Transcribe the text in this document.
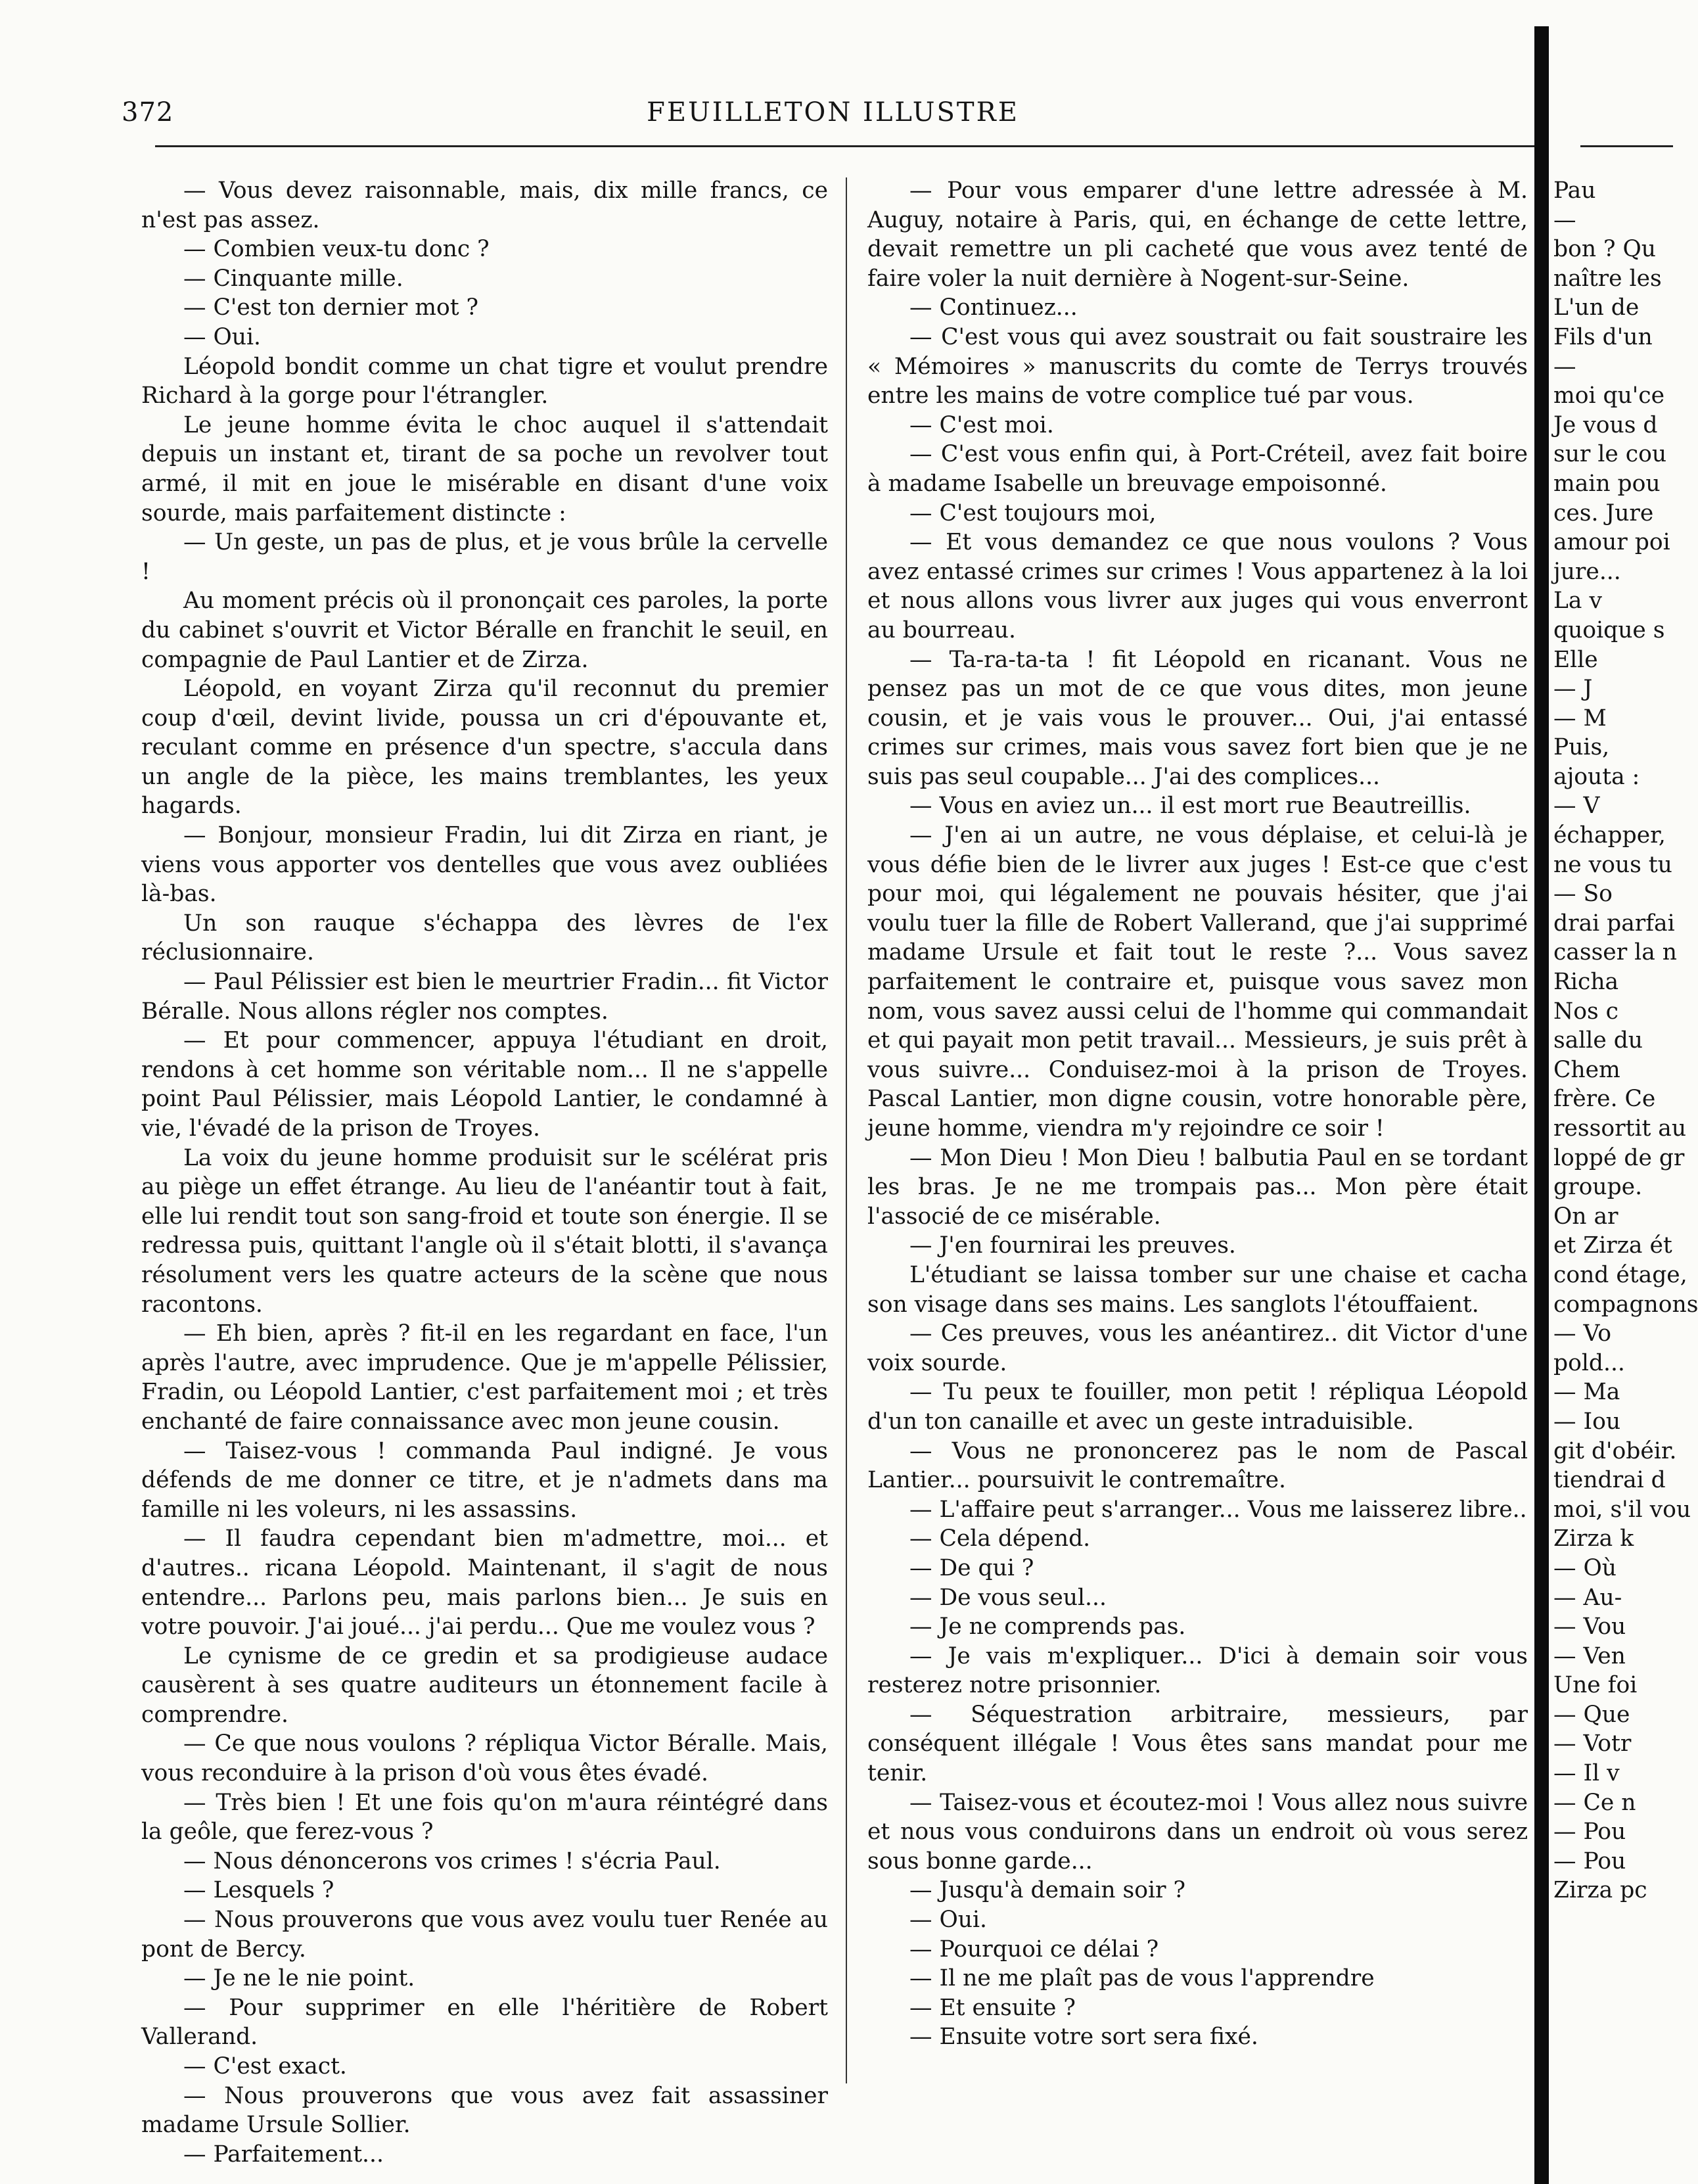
372	FEUILLETON ILLUSTRE

— Vous devez raisonnable, mais, dix mille francs, ce n'est pas assez.

— Combien veux-tu donc ?

— Cinquante mille.

— C'est ton dernier mot ?

— Oui.

Léopold bondit comme un chat tigre et voulut prendre Richard à la gorge pour l'étrangler.

Le jeune homme évita le choc auquel il s'attendait depuis un instant et, tirant de sa poche un revolver tout armé, il mit en joue le misérable en disant d'une voix sourde, mais parfaitement distincte :

— Un geste, un pas de plus, et je vous brûle la cervelle !

Au moment précis où il prononçait ces paroles, la porte du cabinet s'ouvrit et Victor Béralle en franchit le seuil, en compagnie de Paul Lantier et de Zirza.

Léopold, en voyant Zirza qu'il reconnut du premier coup d'œil, devint livide, poussa un cri d'épouvante et, reculant comme en présence d'un spectre, s'accula dans un angle de la pièce, les mains tremblantes, les yeux hagards.

— Bonjour, monsieur Fradin, lui dit Zirza en riant, je viens vous apporter vos dentelles que vous avez oubliées là-bas.

Un son rauque s'échappa des lèvres de l'ex réclusionnaire.

— Paul Pélissier est bien le meurtrier Fradin... fit Victor Béralle. Nous allons régler nos comptes.

— Et pour commencer, appuya l'étudiant en droit, rendons à cet homme son véritable nom... Il ne s'appelle point Paul Pélissier, mais Léopold Lantier, le condamné à vie, l'évadé de la prison de Troyes.

La voix du jeune homme produisit sur le scélérat pris au piège un effet étrange. Au lieu de l'anéantir tout à fait, elle lui rendit tout son sang-froid et toute son énergie. Il se redressa puis, quittant l'angle où il s'était blotti, il s'avança résolument vers les quatre acteurs de la scène que nous racontons.

— Eh bien, après ? fit-il en les regardant en face, l'un après l'autre, avec imprudence. Que je m'appelle Pélissier, Fradin, ou Léopold Lantier, c'est parfaitement moi ; et très enchanté de faire connaissance avec mon jeune cousin.

— Taisez-vous ! commanda Paul indigné. Je vous défends de me donner ce titre, et je n'admets dans ma famille ni les voleurs, ni les assassins.

— Il faudra cependant bien m'admettre, moi... et d'autres.. ricana Léopold. Maintenant, il s'agit de nous entendre... Parlons peu, mais parlons bien... Je suis en votre pouvoir. J'ai joué... j'ai perdu... Que me voulez vous ?

Le cynisme de ce gredin et sa prodigieuse audace causèrent à ses quatre auditeurs un étonnement facile à comprendre.

— Ce que nous voulons ? répliqua Victor Béralle. Mais, vous reconduire à la prison d'où vous êtes évadé.

— Très bien ! Et une fois qu'on m'aura réintégré dans la geôle, que ferez-vous ?

— Nous dénoncerons vos crimes ! s'écria Paul.

— Lesquels ?

— Nous prouverons que vous avez voulu tuer Renée au pont de Bercy.

— Je ne le nie point.

— Pour supprimer en elle l'héritière de Robert Vallerand.

— C'est exact.

— Nous prouverons que vous avez fait assassiner madame Ursule Sollier.

— Parfaitement...

— Pour vous emparer d'une lettre adressée à M. Auguy, notaire à Paris, qui, en échange de cette lettre, devait remettre un pli cacheté que vous avez tenté de faire voler la nuit dernière à Nogent-sur-Seine.

— Continuez...

— C'est vous qui avez soustrait ou fait soustraire les « Mémoires » manuscrits du comte de Terrys trouvés entre les mains de votre complice tué par vous.

— C'est moi.

— C'est vous enfin qui, à Port-Créteil, avez fait boire à madame Isabelle un breuvage empoisonné.

— C'est toujours moi,

— Et vous demandez ce que nous voulons ? Vous avez entassé crimes sur crimes ! Vous appartenez à la loi et nous allons vous livrer aux juges qui vous enverront au bourreau.

— Ta-ra-ta-ta ! fit Léopold en ricanant. Vous ne pensez pas un mot de ce que vous dites, mon jeune cousin, et je vais vous le prouver... Oui, j'ai entassé crimes sur crimes, mais vous savez fort bien que je ne suis pas seul coupable... J'ai des complices...

— Vous en aviez un... il est mort rue Beautreillis.

— J'en ai un autre, ne vous déplaise, et celui-là je vous défie bien de le livrer aux juges ! Est-ce que c'est pour moi, qui légalement ne pouvais hésiter, que j'ai voulu tuer la fille de Robert Vallerand, que j'ai supprimé madame Ursule et fait tout le reste ?... Vous savez parfaitement le contraire et, puisque vous savez mon nom, vous savez aussi celui de l'homme qui commandait et qui payait mon petit travail... Messieurs, je suis prêt à vous suivre... Conduisez-moi à la prison de Troyes. Pascal Lantier, mon digne cousin, votre honorable père, jeune homme, viendra m'y rejoindre ce soir !

— Mon Dieu ! Mon Dieu ! balbutia Paul en se tordant les bras. Je ne me trompais pas... Mon père était l'associé de ce misérable.

— J'en fournirai les preuves.

L'étudiant se laissa tomber sur une chaise et cacha son visage dans ses mains. Les sanglots l'étouffaient.

— Ces preuves, vous les anéantirez.. dit Victor d'une voix sourde.

— Tu peux te fouiller, mon petit ! répliqua Léopold d'un ton canaille et avec un geste intraduisible.

— Vous ne prononcerez pas le nom de Pascal Lantier... poursuivit le contremaître.

— L'affaire peut s'arranger... Vous me laisserez libre..

— Cela dépend.

— De qui ?

— De vous seul...

— Je ne comprends pas.

— Je vais m'expliquer... D'ici à demain soir vous resterez notre prisonnier.

— Séquestration arbitraire, messieurs, par conséquent illégale ! Vous êtes sans mandat pour me tenir.

— Taisez-vous et écoutez-moi ! Vous allez nous suivre et nous vous conduirons dans un endroit où vous serez sous bonne garde...

— Jusqu'à demain soir ?

— Oui.

— Pourquoi ce délai ?

— Il ne me plaît pas de vous l'apprendre

— Et ensuite ?

— Ensuite votre sort sera fixé.

Pau

—

bon ? Qu

naître les

L'un de

Fils d'un

—

moi qu'ce

Je vous d

sur le cou

main pou

ces. Jure

amour poi

jure...

La v

quoique s

Elle

— J

— M

Puis,

ajouta :

— V

échapper,

ne vous tu

— So

drai parfai

casser la n

Richa

Nos c

salle du

Chem

frère. Ce

ressortit au

loppé de gr

groupe.

On ar

et Zirza ét

cond étage,

compagnons

— Vo

pold...

— Ma

— Iou

git d'obéir.

tiendrai d

moi, s'il vou

Zirza k

— Où

— Au-

— Vou

— Ven

Une foi

— Que

— Votr

— Il v

— Ce n

— Pou

— Pou

Zirza pc
